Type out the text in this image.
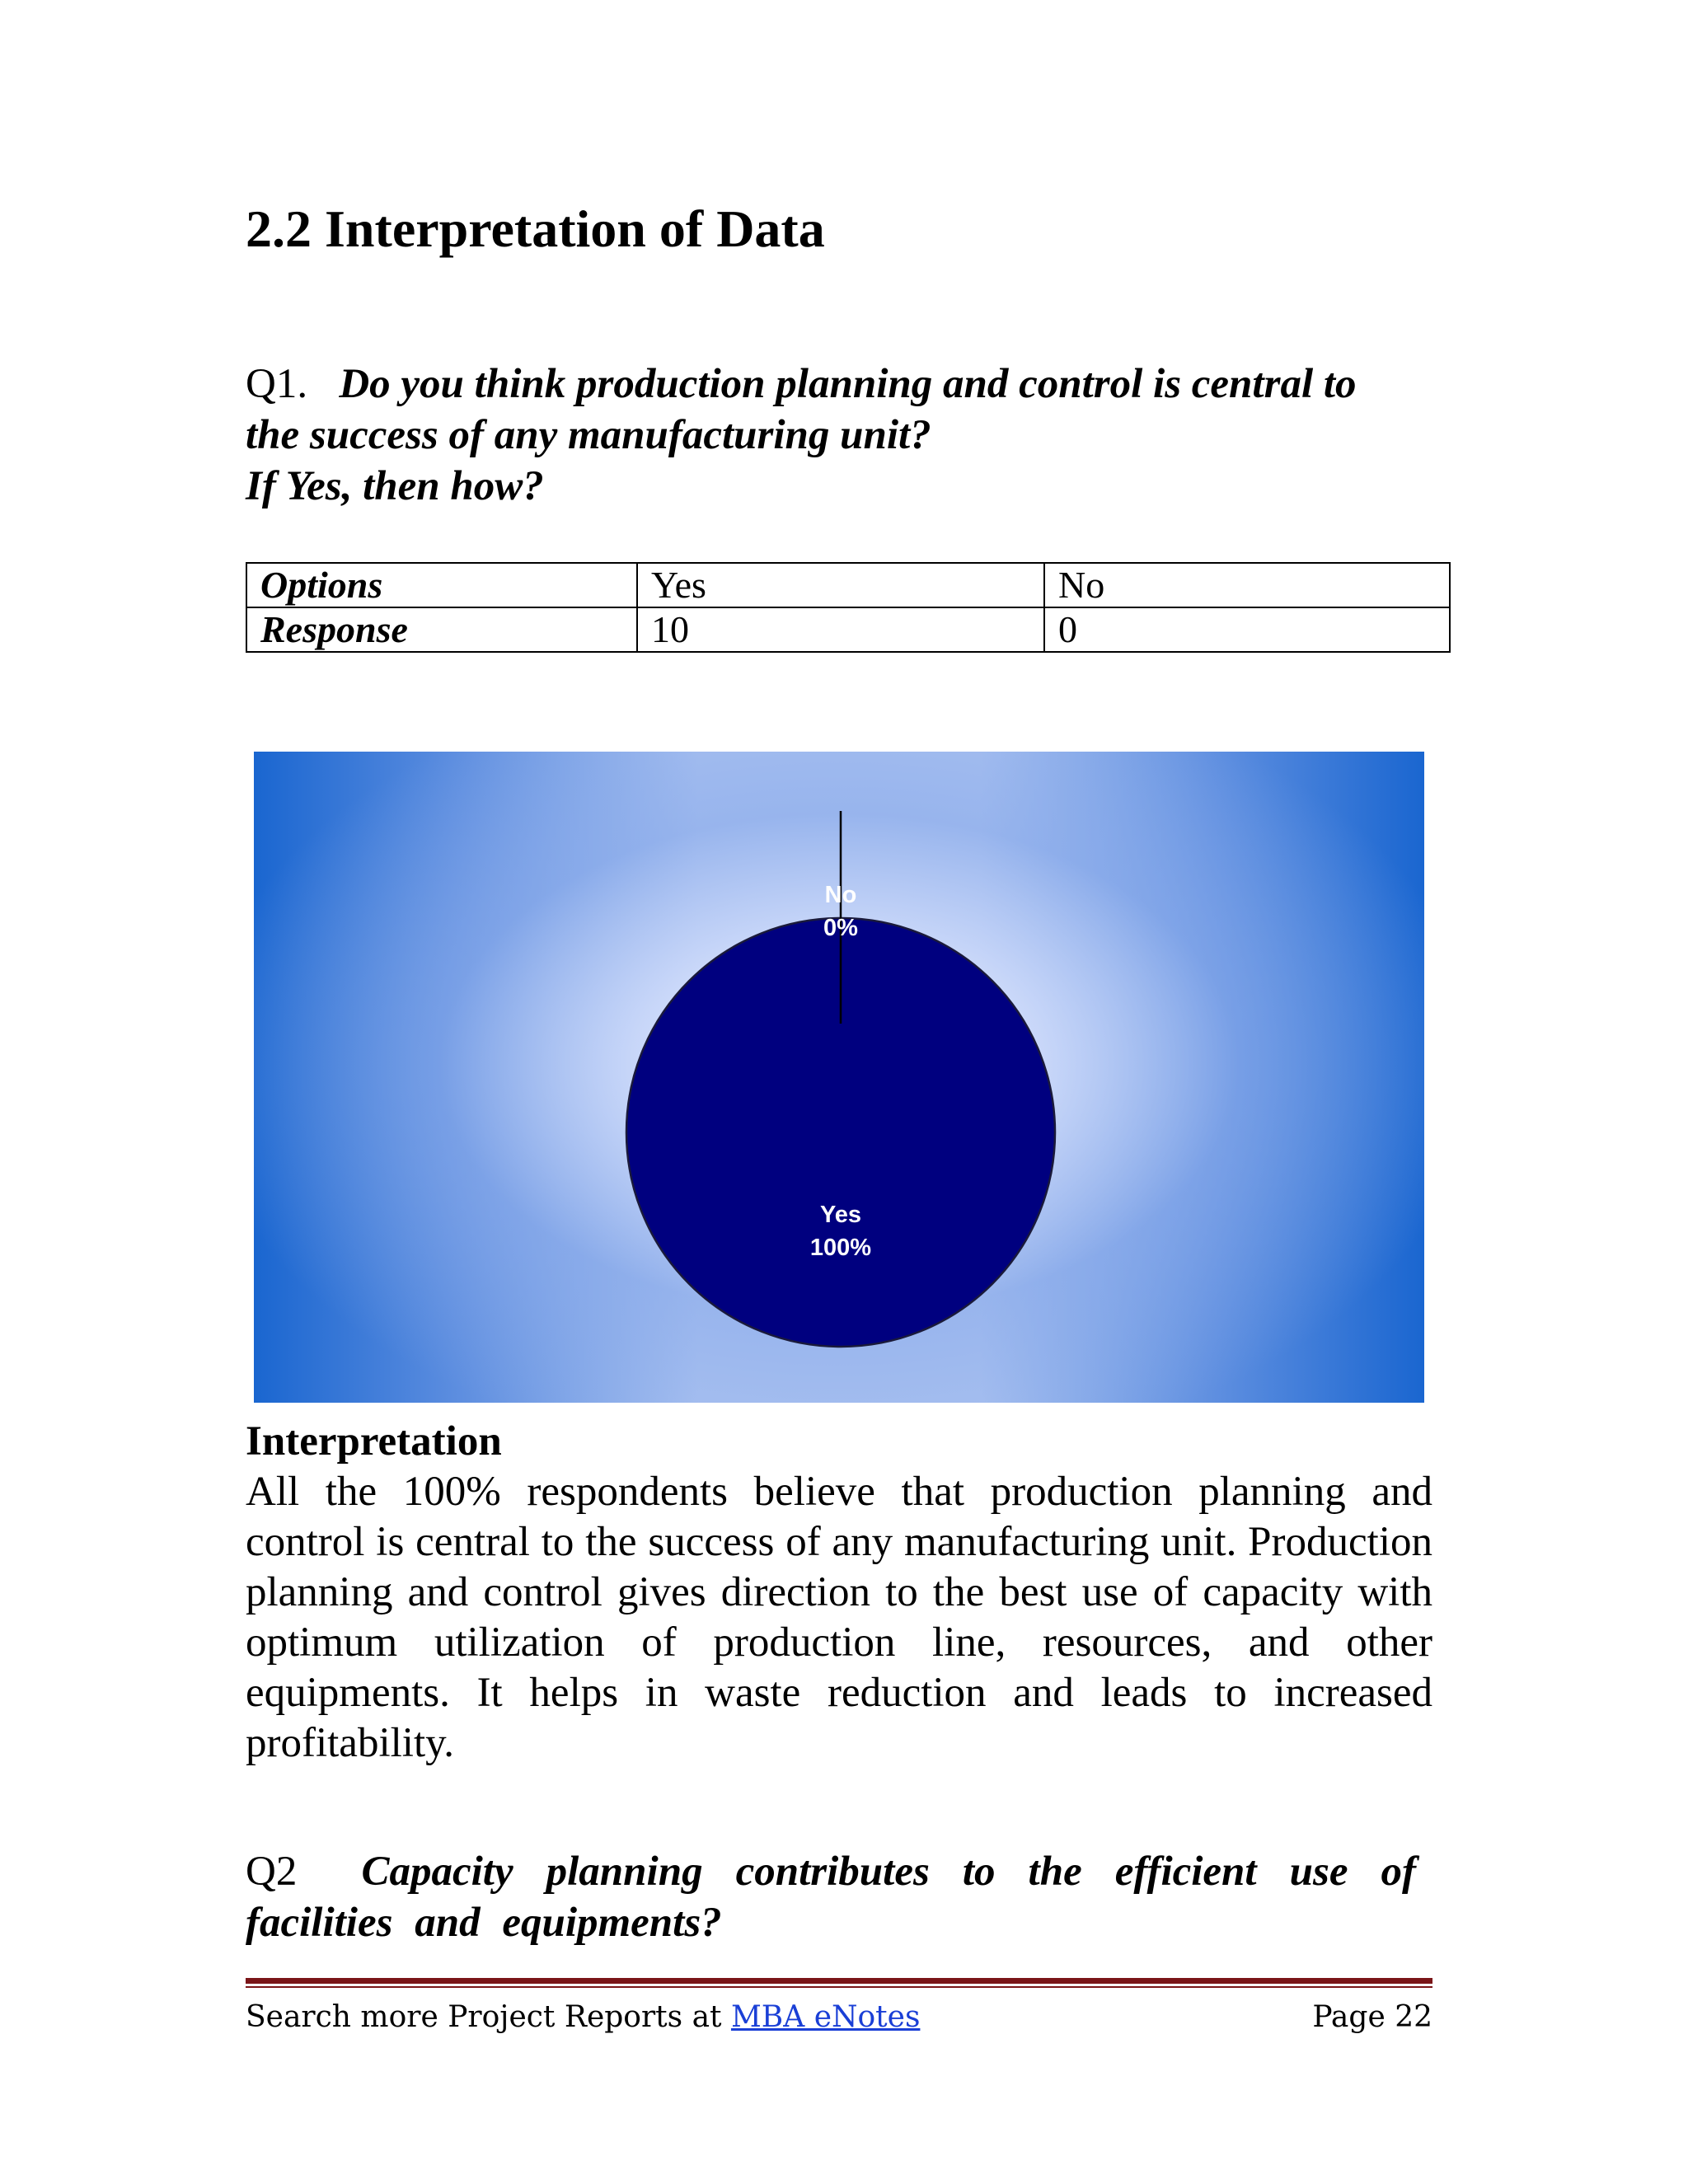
2.2 Interpretation of Data

Q1. Do you think production planning and control is central to the success of any manufacturing unit?
If Yes, then how?

Options	Yes	No
Response	10	0
No
0%
Yes
100%
Interpretation

All the 100% respondents believe that production planning and control is central to the success of any manufacturing unit. Production planning and control gives direction to the best use of capacity with optimum utilization of production line, resources, and other equipments. It helps in waste reduction and leads to increased profitability.

Q2 Capacity planning contributes to the efficient use of facilities and equipments?

Search more Project Reports at MBA eNotes	Page 22
